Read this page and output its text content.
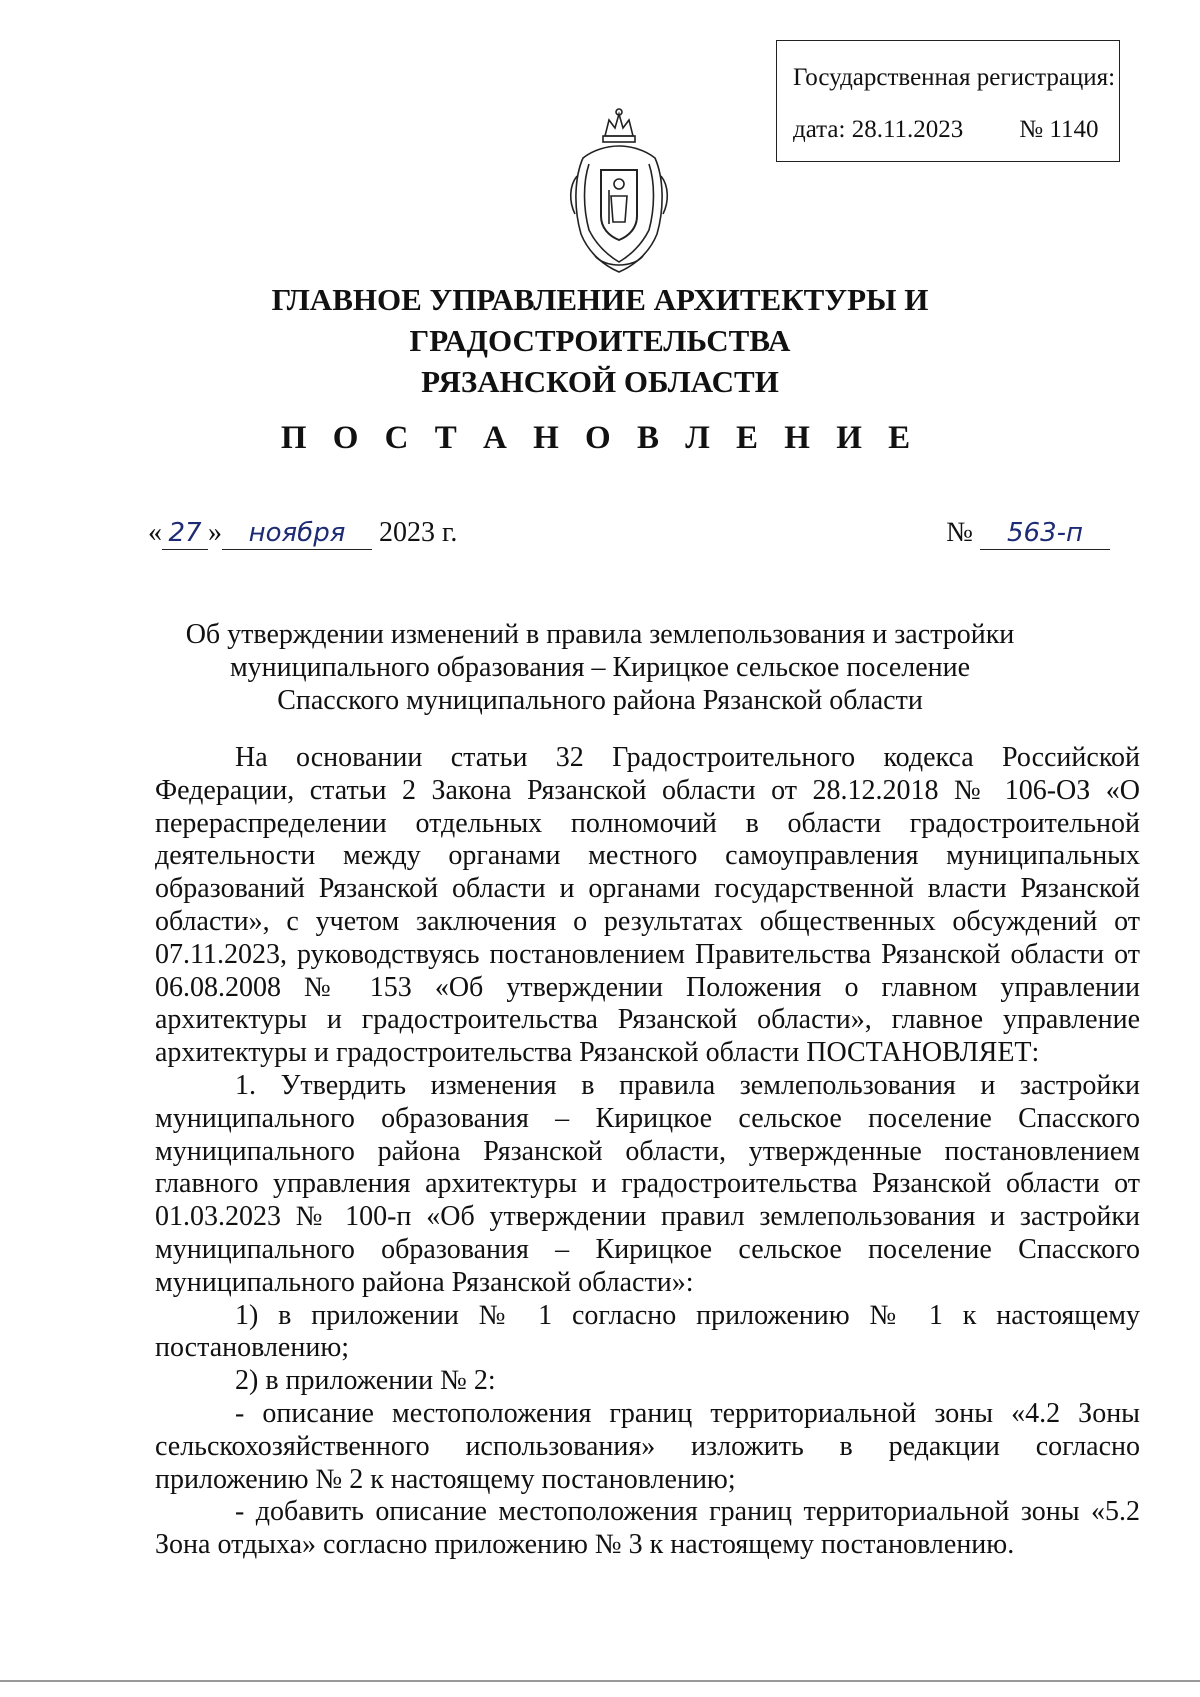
Государственная регистрация:
дата: 28.11.2023 № 1140
ГЛАВНОЕ УПРАВЛЕНИЕ АРХИТЕКТУРЫ И ГРАДОСТРОИТЕЛЬСТВА
РЯЗАНСКОЙ ОБЛАСТИ
П О С Т А Н О В Л Е Н И Е
« 27 » ноября 2023 г.	№ 563-п
Об утверждении изменений в правила землепользования и застройки
муниципального образования – Кирицкое сельское поселение
Спасского муниципального района Рязанской области

На основании статьи 32 Градостроительного кодекса Российской Федерации, статьи 2 Закона Рязанской области от 28.12.2018 № 106-ОЗ «О перераспределении отдельных полномочий в области градостроительной деятельности между органами местного самоуправления муниципальных образований Рязанской области и органами государственной власти Рязанской области», с учетом заключения о результатах общественных обсуждений от 07.11.2023, руководствуясь постановлением Правительства Рязанской области от 06.08.2008 № 153 «Об утверждении Положения о главном управлении архитектуры и градостроительства Рязанской области», главное управление архитектуры и градостроительства Рязанской области ПОСТАНОВЛЯЕТ:

1. Утвердить изменения в правила землепользования и застройки муниципального образования – Кирицкое сельское поселение Спасского муниципального района Рязанской области, утвержденные постановлением главного управления архитектуры и градостроительства Рязанской области от 01.03.2023 № 100-п «Об утверждении правил землепользования и застройки муниципального образования – Кирицкое сельское поселение Спасского муниципального района Рязанской области»:

1) в приложении № 1 согласно приложению № 1 к настоящему постановлению;

2) в приложении № 2:

- описание местоположения границ территориальной зоны «4.2 Зоны сельскохозяйственного использования» изложить в редакции согласно приложению № 2 к настоящему постановлению;

- добавить описание местоположения границ территориальной зоны «5.2 Зона отдыха» согласно приложению № 3 к настоящему постановлению.
